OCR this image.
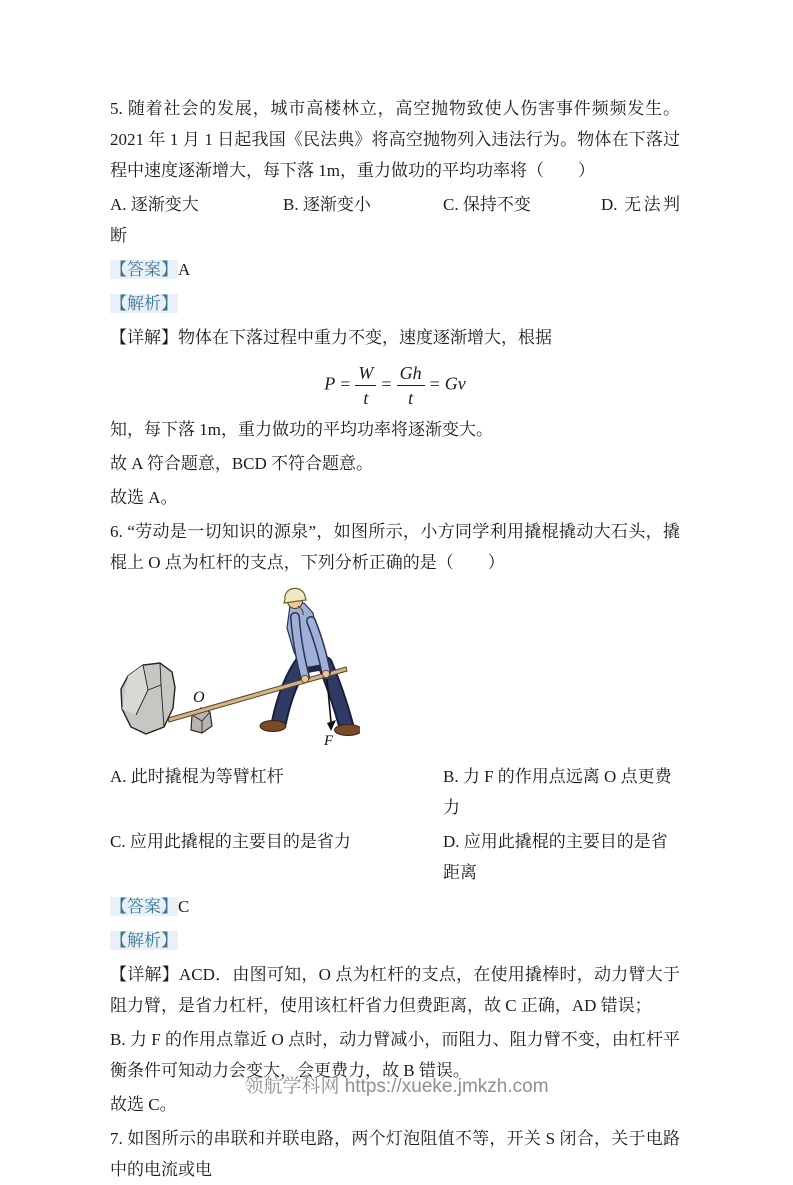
5. 随着社会的发展，城市高楼林立，高空抛物致使人伤害事件频频发生。2021 年 1 月 1 日起我国《民法典》将高空抛物列入违法行为。物体在下落过程中速度逐渐增大，每下落 1m，重力做功的平均功率将（　　）

A. 逐渐变大	B. 逐渐变小	C. 保持不变	D. 无法判断

【答案】A

【解析】

【详解】物体在下落过程中重力不变，速度逐渐增大，根据

$P = \frac{W}{t} = \frac{Gh}{t} = Gv$

知，每下落 1m，重力做功的平均功率将逐渐变大。

故 A 符合题意，BCD 不符合题意。

故选 A。

6. “劳动是一切知识的源泉”，如图所示，小方同学利用撬棍撬动大石头，撬棍上 O 点为杠杆的支点，下列分析正确的是（　　）

O
F
A. 此时撬棍为等臂杠杆	B. 力 F 的作用点远离 O 点更费力
C. 应用此撬棍的主要目的是省力	D. 应用此撬棍的主要目的是省距离

【答案】C

【解析】

【详解】ACD．由图可知，O 点为杠杆的支点，在使用撬棒时，动力臂大于阻力臂，是省力杠杆，使用该杠杆省力但费距离，故 C 正确，AD 错误；

B. 力 F 的作用点靠近 O 点时，动力臂减小，而阻力、阻力臂不变，由杠杆平衡条件可知动力会变大，会更费力，故 B 错误。

故选 C。

7. 如图所示的串联和并联电路，两个灯泡阻值不等，开关 S 闭合，关于电路中的电流或电

领航学科网 https://xueke.jmkzh.com
